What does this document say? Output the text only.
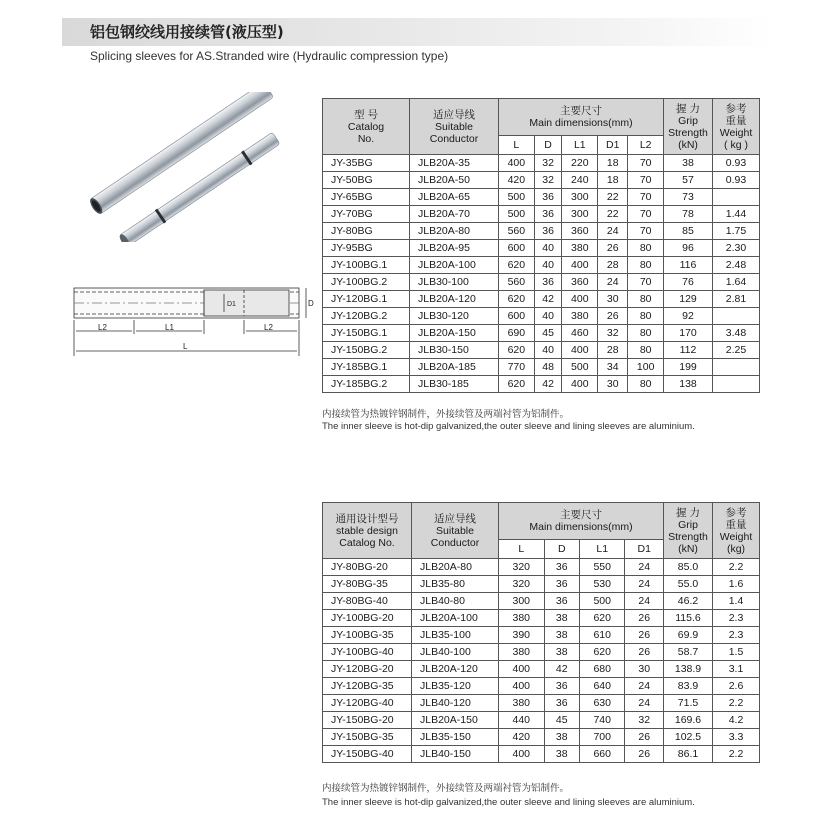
铝包钢绞线用接续管(液压型)
Splicing sleeves for AS.Stranded wire (Hydraulic compression type)
L2	L1	L2
L
D
D1
型 号
Catalog
No.	适应导线
Suitable
Conductor	主要尺寸
Main dimensions(mm)					握 力
Grip
Strength
(kN)	参考
重量
Weight
( kg )

		L	D	L1	D1	L2		
JY-35BG	JLB20A-35	400	32	220	18	70	38	0.93
JY-50BG	JLB20A-50	420	32	240	18	70	57	0.93
JY-65BG	JLB20A-65	500	36	300	22	70	73	
JY-70BG	JLB20A-70	500	36	300	22	70	78	1.44
JY-80BG	JLB20A-80	560	36	360	24	70	85	1.75
JY-95BG	JLB20A-95	600	40	380	26	80	96	2.30
JY-100BG.1	JLB20A-100	620	40	400	28	80	116	2.48
JY-100BG.2	JLB30-100	560	36	360	24	70	76	1.64
JY-120BG.1	JLB20A-120	620	42	400	30	80	129	2.81
JY-120BG.2	JLB30-120	600	40	380	26	80	92	
JY-150BG.1	JLB20A-150	690	45	460	32	80	170	3.48
JY-150BG.2	JLB30-150	620	40	400	28	80	112	2.25
JY-185BG.1	JLB20A-185	770	48	500	34	100	199	
JY-185BG.2	JLB30-185	620	42	400	30	80	138	
内接续管为热镀锌钢制件，外接续管及两端衬管为铝制件。
The inner sleeve is hot-dip galvanized,the outer sleeve and lining sleeves are aluminium.
通用设计型号
stable design
Catalog No.	适应导线
Suitable
Conductor	主要尺寸
Main dimensions(mm)				握 力
Grip
Strength
(kN)	参考
重量
Weight
(kg)

		L	D	L1	D1		
JY-80BG-20	JLB20A-80	320	36	550	24	85.0	2.2
JY-80BG-35	JLB35-80	320	36	530	24	55.0	1.6
JY-80BG-40	JLB40-80	300	36	500	24	46.2	1.4
JY-100BG-20	JLB20A-100	380	38	620	26	115.6	2.3
JY-100BG-35	JLB35-100	390	38	610	26	69.9	2.3
JY-100BG-40	JLB40-100	380	38	620	26	58.7	1.5
JY-120BG-20	JLB20A-120	400	42	680	30	138.9	3.1
JY-120BG-35	JLB35-120	400	36	640	24	83.9	2.6
JY-120BG-40	JLB40-120	380	36	630	24	71.5	2.2
JY-150BG-20	JLB20A-150	440	45	740	32	169.6	4.2
JY-150BG-35	JLB35-150	420	38	700	26	102.5	3.3
JY-150BG-40	JLB40-150	400	38	660	26	86.1	2.2
内接续管为热镀锌钢制件，外接续管及两端衬管为铝制件。
The inner sleeve is hot-dip galvanized,the outer sleeve and lining sleeves are aluminium.
